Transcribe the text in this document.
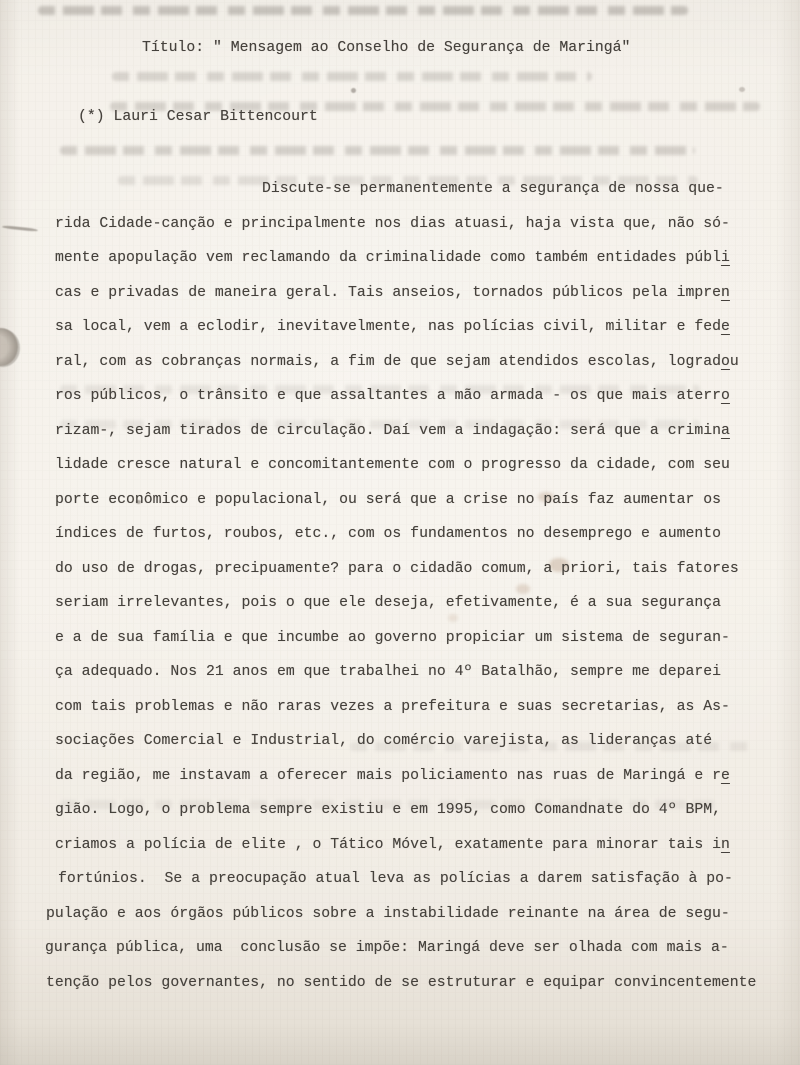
Título: " Mensagem ao Conselho de Segurança de Maringá"
(*) Lauri Cesar Bittencourt
Discute-se permanentemente a segurança de nossa que-
rida Cidade-canção e principalmente nos dias atuasi, haja vista que, não só-
mente apopulação vem reclamando da criminalidade como também entidades públi
cas e privadas de maneira geral. Tais anseios, tornados públicos pela impren
sa local, vem a eclodir, inevitavelmente, nas polícias civil, militar e fede
ral, com as cobranças normais, a fim de que sejam atendidos escolas, logradou
ros públicos, o trânsito e que assaltantes a mão armada - os que mais aterro
rizam-, sejam tirados de circulação. Daí vem a indagação: será que a crimina
lidade cresce natural e concomitantemente com o progresso da cidade, com seu
porte econômico e populacional, ou será que a crise no país faz aumentar os
índices de furtos, roubos, etc., com os fundamentos no desemprego e aumento
do uso de drogas, precipuamente? para o cidadão comum, a priori, tais fatores
seriam irrelevantes, pois o que ele deseja, efetivamente, é a sua segurança
e a de sua família e que incumbe ao governo propiciar um sistema de seguran-
ça adequado. Nos 21 anos em que trabalhei no 4º Batalhão, sempre me deparei
com tais problemas e não raras vezes a prefeitura e suas secretarias, as As-
sociações Comercial e Industrial, do comércio varejista, as lideranças até
da região, me instavam a oferecer mais policiamento nas ruas de Maringá e re
gião. Logo, o problema sempre existiu e em 1995, como Comandnate do 4º BPM,
criamos a polícia de elite , o Tático Móvel, exatamente para minorar tais in
fortúnios.  Se a preocupação atual leva as polícias a darem satisfação à po-
pulação e aos órgãos públicos sobre a instabilidade reinante na área de segu-
gurança pública, uma  conclusão se impõe: Maringá deve ser olhada com mais a-
tenção pelos governantes, no sentido de se estruturar e equipar convincentemente
